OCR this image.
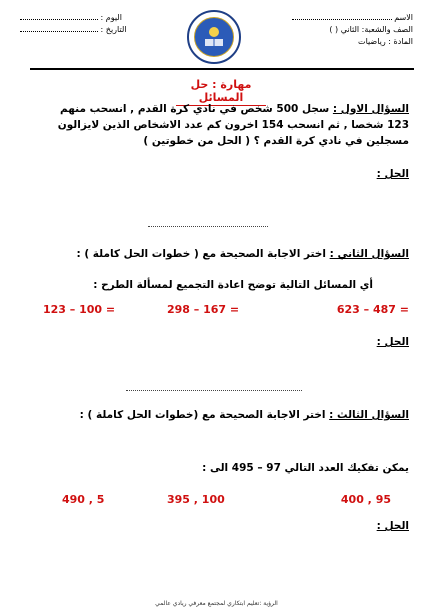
الاسم
الصف والشعبة: الثاني ( )
المادة : رياضيات
اليوم :
التاريخ :
مهارة : حل المسائل
السؤال الاول : سجل 500 شخص في نادي كرة القدم , انسحب منهم
123 شخصا , ثم انسحب 154 اخرون كم عدد الاشخاص الذين لايزالون
مسجلين في نادي كرة القدم ؟ ( الحل من خطوتين )
الحل :
السؤال الثاني : اختر الاجابة الصحيحة مع ( خطوات الحل كاملة ) :
أي المسائل التالية توضح اعادة التجميع لمسألة الطرح :
623 – 487 =
298 – 167 =
123 – 100 =
الحل :
السؤال الثالث : اختر الاجابة الصحيحة مع (خطوات الحل كاملة ) :
يمكن تفكيك العدد التالي 97 – 495 الى :
400 , 95
395 , 100
490 , 5
الحل :
الرؤية :تعليم ابتكاري لمجتمع معرفي ريادي عالمي
